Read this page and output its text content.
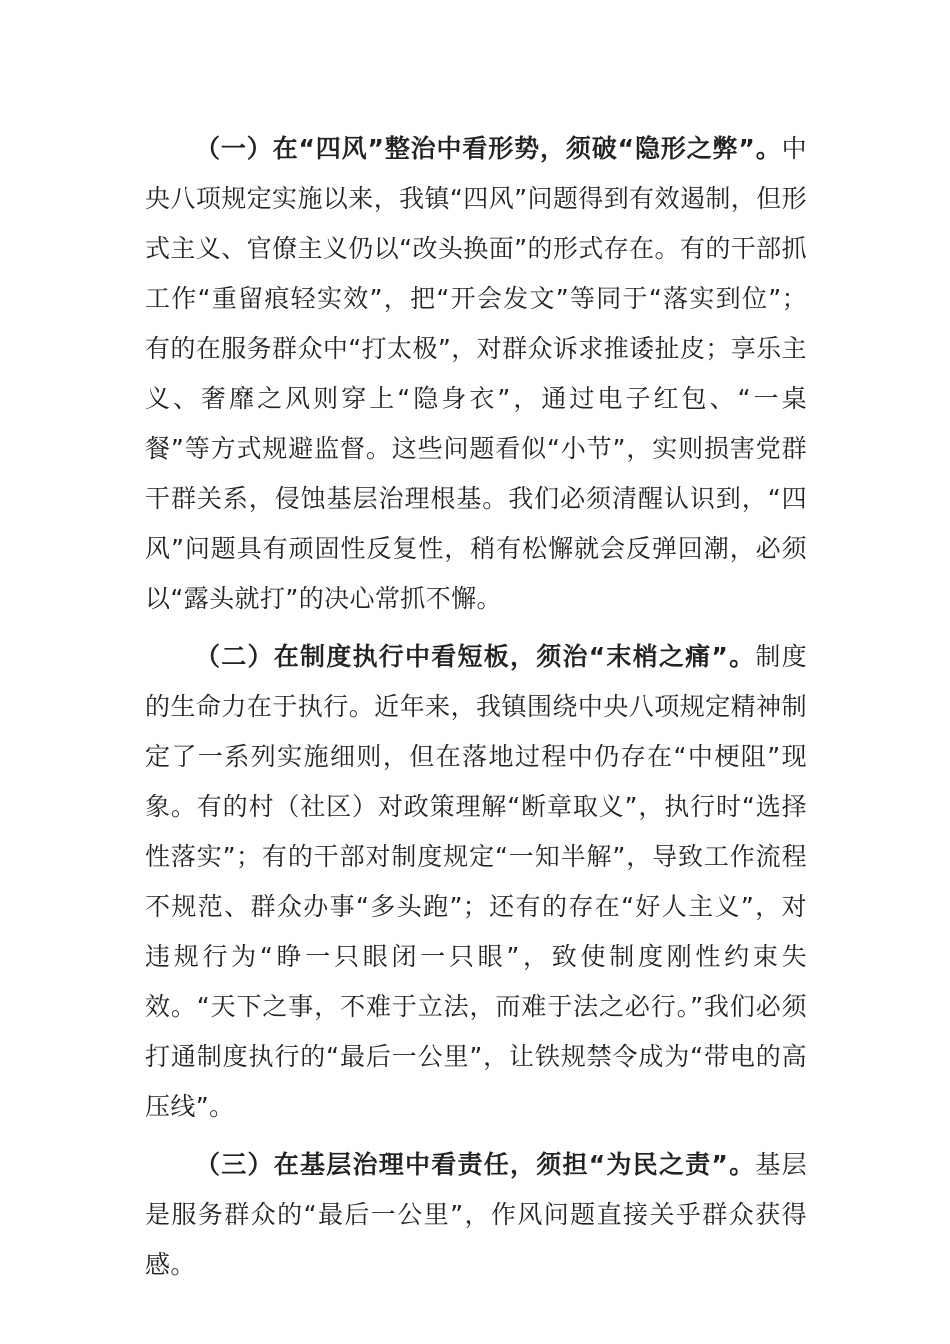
（一）在“四风”整治中看形势，须破“隐形之弊”。中央八项规定实施以来，我镇“四风”问题得到有效遏制，但形式主义、官僚主义仍以“改头换面”的形式存在。有的干部抓工作“重留痕轻实效”，把“开会发文”等同于“落实到位”；有的在服务群众中“打太极”，对群众诉求推诿扯皮；享乐主义、奢靡之风则穿上“隐身衣”，通过电子红包、“一桌餐”等方式规避监督。这些问题看似“小节”，实则损害党群干群关系，侵蚀基层治理根基。我们必须清醒认识到，“四风”问题具有顽固性反复性，稍有松懈就会反弹回潮，必须以“露头就打”的决心常抓不懈。

（二）在制度执行中看短板，须治“末梢之痛”。制度的生命力在于执行。近年来，我镇围绕中央八项规定精神制定了一系列实施细则，但在落地过程中仍存在“中梗阻”现象。有的村（社区）对政策理解“断章取义”，执行时“选择性落实”；有的干部对制度规定“一知半解”，导致工作流程不规范、群众办事“多头跑”；还有的存在“好人主义”，对违规行为“睁一只眼闭一只眼”，致使制度刚性约束失效。“天下之事，不难于立法，而难于法之必行。”我们必须打通制度执行的“最后一公里”，让铁规禁令成为“带电的高压线”。

（三）在基层治理中看责任，须担“为民之责”。基层是服务群众的“最后一公里”，作风问题直接关乎群众获得感。
